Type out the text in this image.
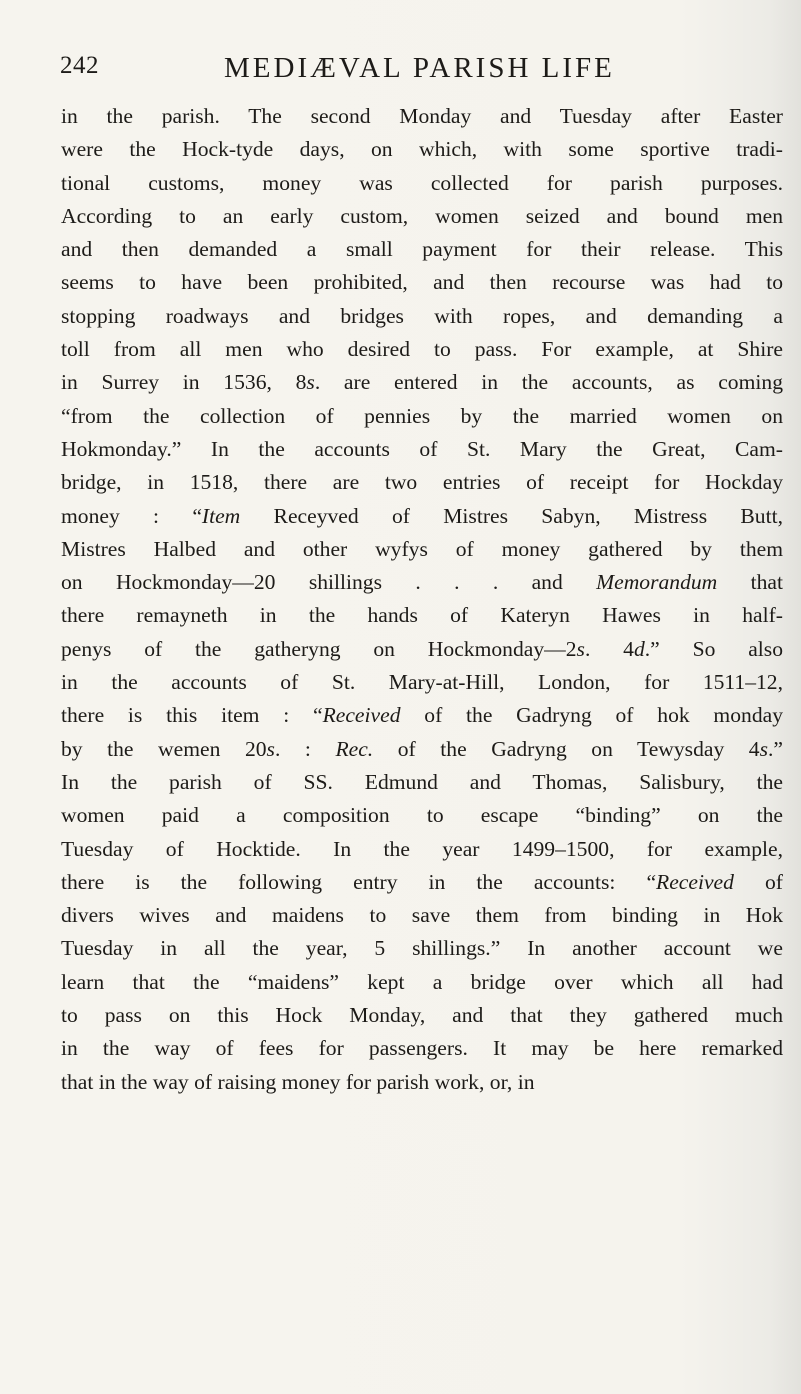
242	MEDIÆVAL PARISH LIFE
in the parish. The second Monday and Tuesday after Easter
were the Hock-tyde days, on which, with some sportive tradi-
tional customs, money was collected for parish purposes.
According to an early custom, women seized and bound men
and then demanded a small payment for their release. This
seems to have been prohibited, and then recourse was had to
stopping roadways and bridges with ropes, and demanding a
toll from all men who desired to pass. For example, at Shire
in Surrey in 1536, 8s. are entered in the accounts, as coming
“from the collection of pennies by the married women on
Hokmonday.” In the accounts of St. Mary the Great, Cam-
bridge, in 1518, there are two entries of receipt for Hockday
money : “Item Receyved of Mistres Sabyn, Mistress Butt,
Mistres Halbed and other wyfys of money gathered by them
on Hockmonday—20 shillings . . . and Memorandum that
there remayneth in the hands of Kateryn Hawes in half-
penys of the gatheryng on Hockmonday—2s. 4d.” So also
in the accounts of St. Mary-at-Hill, London, for 1511–12,
there is this item : “Received of the Gadryng of hok monday
by the wemen 20s. : Rec. of the Gadryng on Tewysday 4s.”
In the parish of SS. Edmund and Thomas, Salisbury, the
women paid a composition to escape “binding” on the
Tuesday of Hocktide. In the year 1499–1500, for example,
there is the following entry in the accounts: “Received of
divers wives and maidens to save them from binding in Hok
Tuesday in all the year, 5 shillings.” In another account we
learn that the “maidens” kept a bridge over which all had
to pass on this Hock Monday, and that they gathered much
in the way of fees for passengers. It may be here remarked
that in the way of raising money for parish work, or, in
